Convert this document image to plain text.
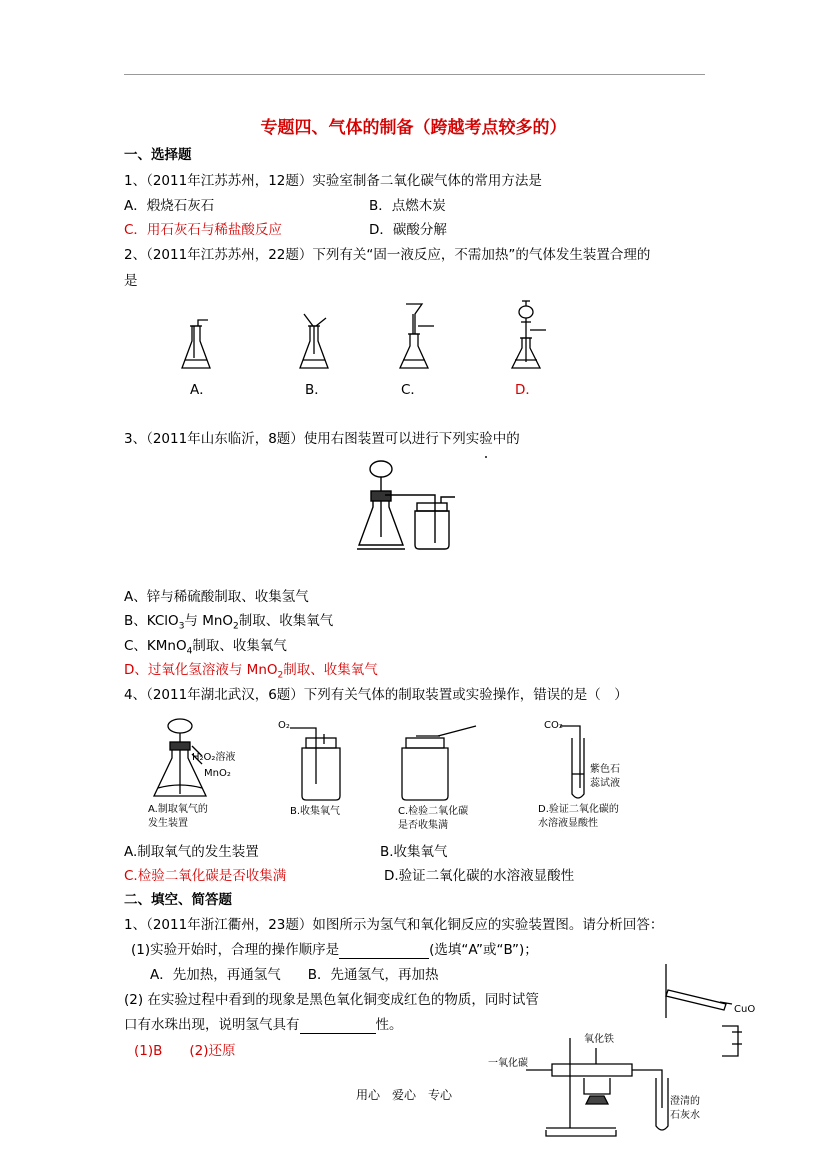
专题四、气体的制备（跨越考点较多的）
一、选择题
1、（2011年江苏苏州，12题）实验室制备二氧化碳气体的常用方法是
A．煅烧石灰石	B．点燃木炭
C．用石灰石与稀盐酸反应	D．碳酸分解
2、（2011年江苏苏州，22题）下列有关“固一液反应，不需加热”的气体发生装置合理的
是
A．	B．	C．	D．
3、（2011年山东临沂，8题）使用右图装置可以进行下列实验中的
A、锌与稀硫酸制取、收集氢气
B、KClO$_3$与 MnO$_2$制取、收集氧气
C、KMnO$_4$制取、收集氧气
D、过氧化氢溶液与 MnO$_2$制取、收集氧气
4、（2011年湖北武汉，6题）下列有关气体的制取装置或实验操作，错误的是（　）
H₂O₂溶液
MnO₂
A.制取氧气的
发生装置
O₂
B.收集氧气	C.检验二氧化碳
是否收集满
CO₂
紫色石
蕊试液
D.验证二氧化碳的
水溶液显酸性
A.制取氧气的发生装置	B.收集氧气
C.检验二氧化碳是否收集满	D.验证二氧化碳的水溶液显酸性
二、填空、简答题
1、（2011年浙江衢州，23题）如图所示为氢气和氧化铜反应的实验装置图。请分析回答：
(1)实验开始时，合理的操作顺序是	(选填“A”或“B”)；
A．先加热，再通氢气　　B．先通氢气，再加热
(2) 在实验过程中看到的现象是黑色氧化铜变成红色的物质，同时试管
口有水珠出现，说明氢气具有	性。
(1)B　　(2)还原
CuO
氧化铁
一氧化碳
澄清的
石灰水
用心　爱心　专心
